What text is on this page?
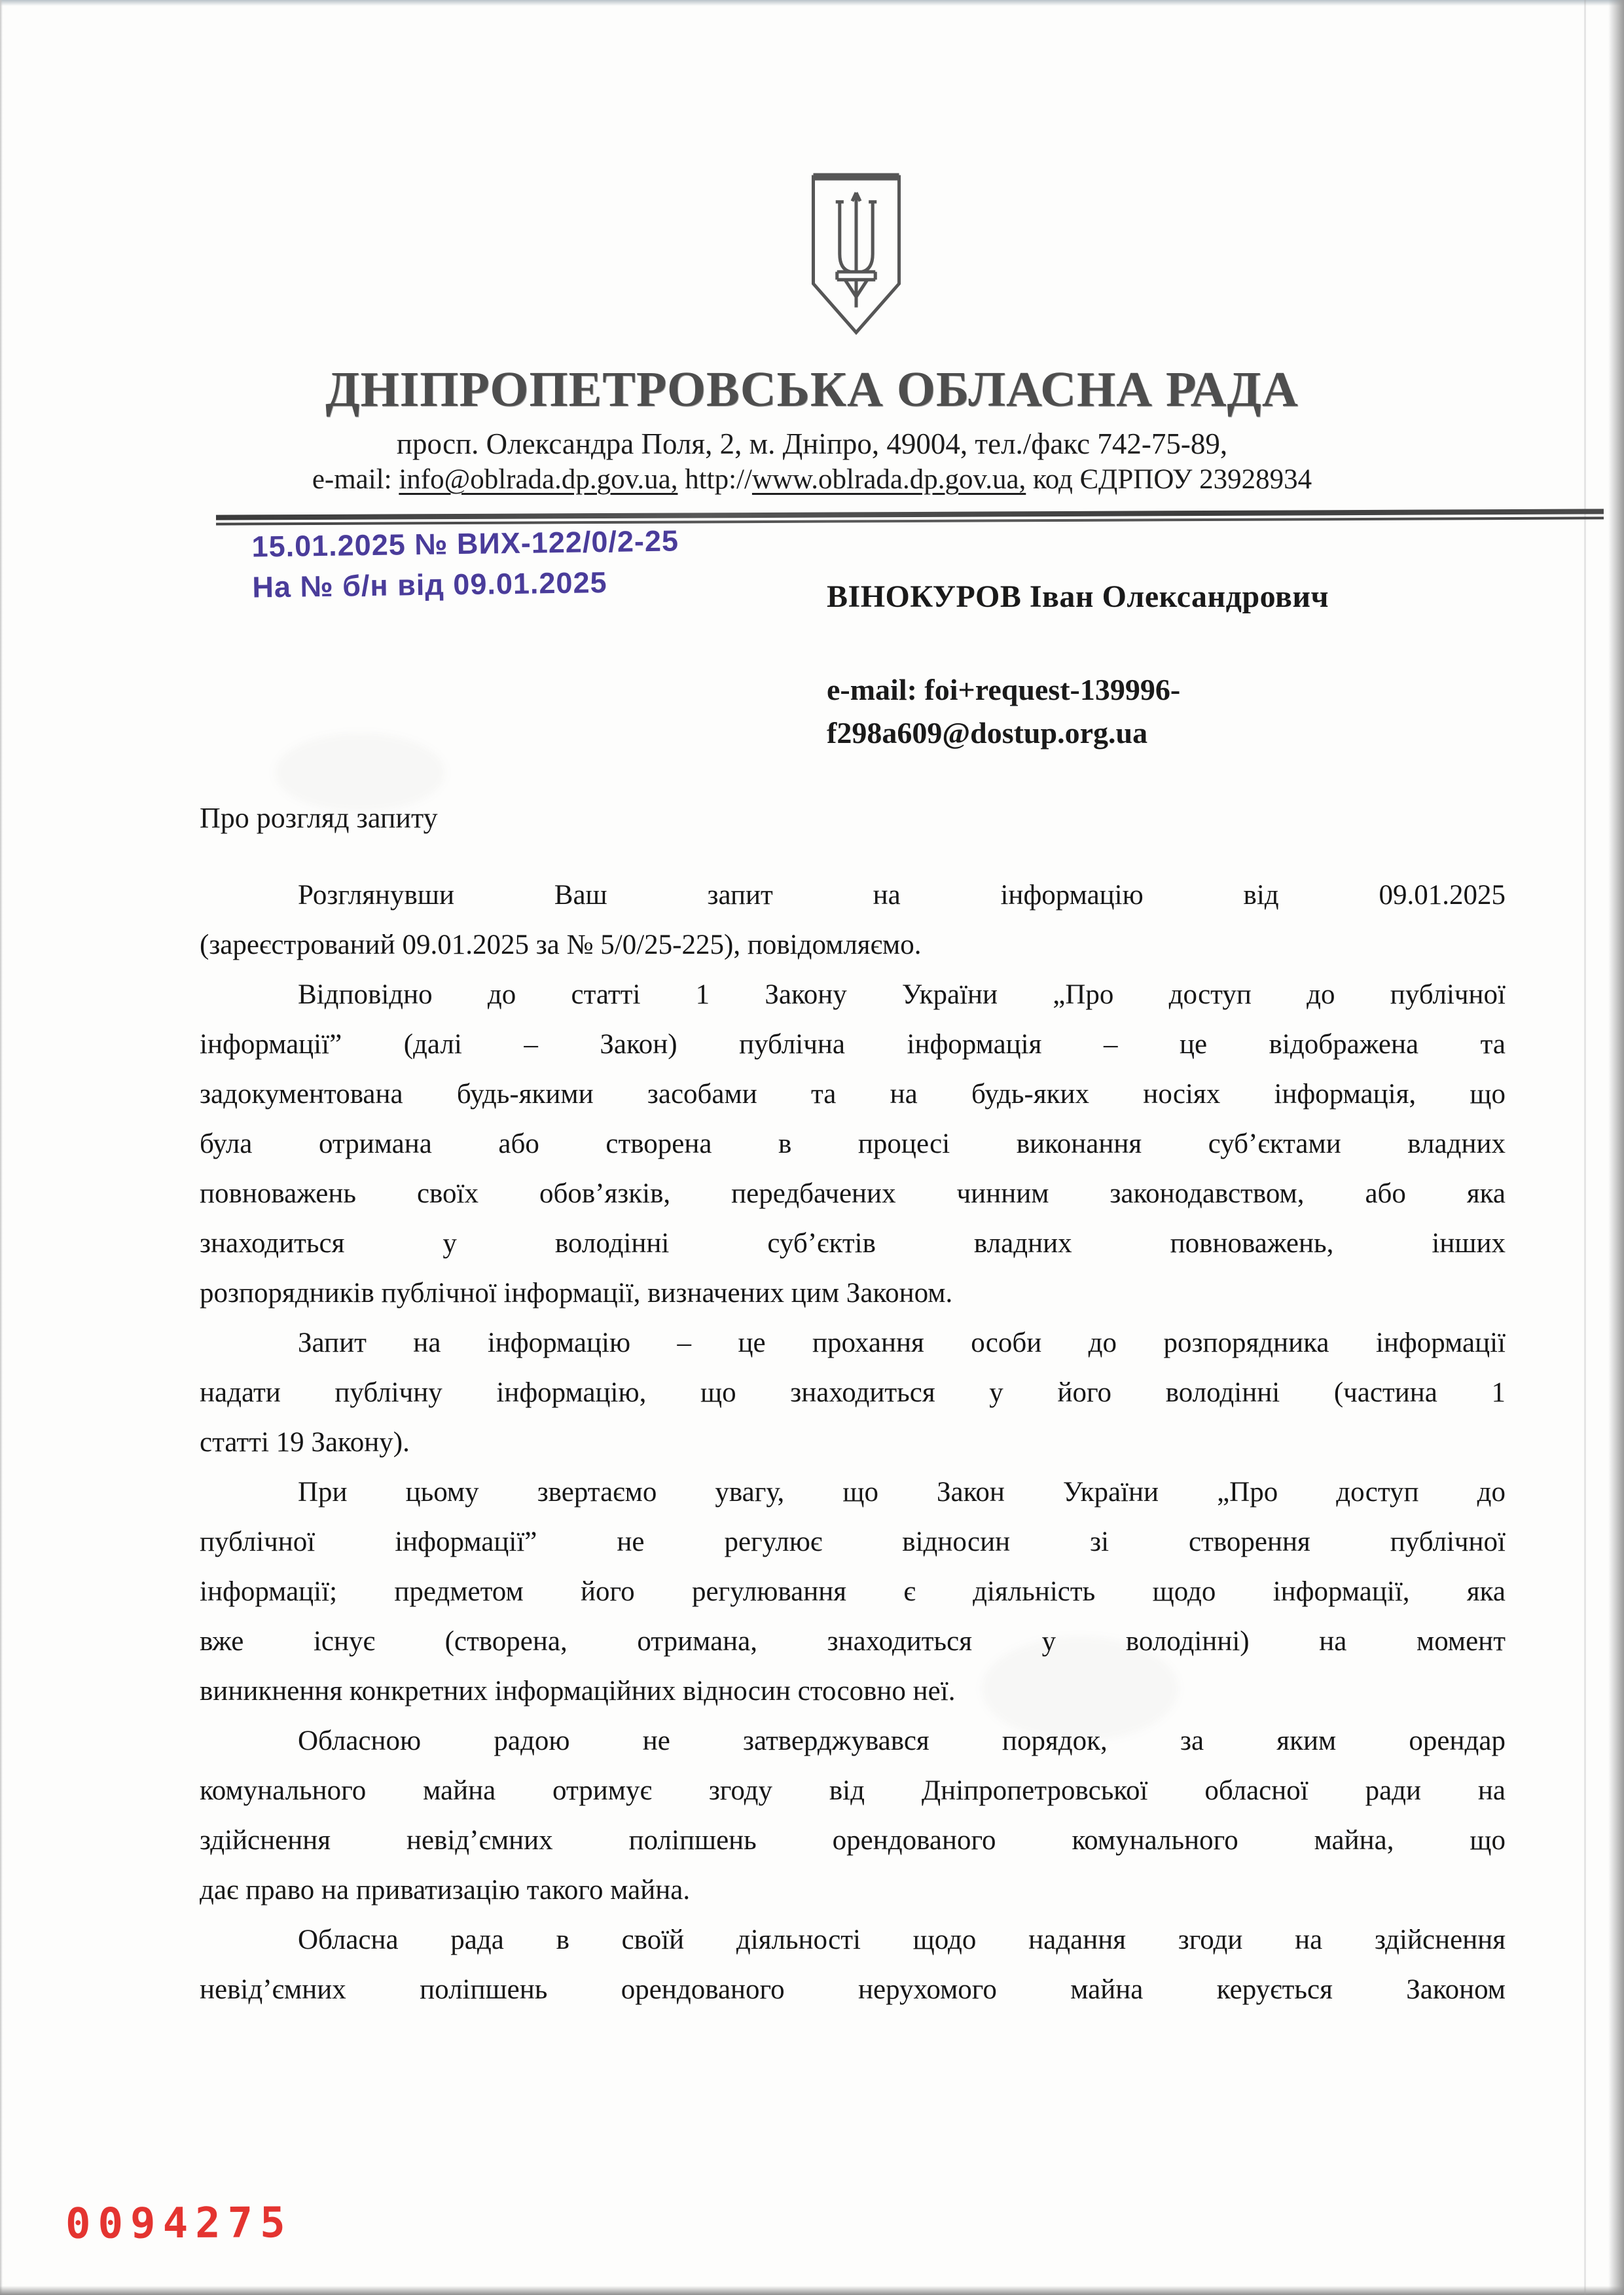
ДНІПРОПЕТРОВСЬКА ОБЛАСНА РАДА
просп. Олександра Поля, 2, м. Дніпро, 49004, тел./факс 742-75-89,
e-mail: info@oblrada.dp.gov.ua, http://www.oblrada.dp.gov.ua, код ЄДРПОУ 23928934
15.01.2025 № ВИХ-122/0/2-25
На № б/н від 09.01.2025	ВІНОКУРОВ Іван Олександрович
e-mail: foi+request-139996-
f298a609@dostup.org.ua
Про розгляд запиту
Розглянувши Ваш запит на інформацію від 09.01.2025
(зареєстрований 09.01.2025 за № 5/0/25-225), повідомляємо.
Відповідно до статті 1 Закону України „Про доступ до публічної
інформації” (далі – Закон) публічна інформація – це відображена та
задокументована будь-якими засобами та на будь-яких носіях інформація, що
була отримана або створена в процесі виконання суб’єктами владних
повноважень своїх обов’язків, передбачених чинним законодавством, або яка
знаходиться у володінні суб’єктів владних повноважень, інших
розпорядників публічної інформації, визначених цим Законом.
Запит на інформацію – це прохання особи до розпорядника інформації
надати публічну інформацію, що знаходиться у його володінні (частина 1
статті 19 Закону).
При цьому звертаємо увагу, що Закон України „Про доступ до
публічної інформації” не регулює відносин зі створення публічної
інформації; предметом його регулювання є діяльність щодо інформації, яка
вже існує (створена, отримана, знаходиться у володінні) на момент
виникнення конкретних інформаційних відносин стосовно неї.
Обласною радою не затверджувався порядок, за яким орендар
комунального майна отримує згоду від Дніпропетровської обласної ради на
здійснення невід’ємних поліпшень орендованого комунального майна, що
дає право на приватизацію такого майна.
Обласна рада в своїй діяльності щодо надання згоди на здійснення
невід’ємних поліпшень орендованого нерухомого майна керується Законом
0094275
